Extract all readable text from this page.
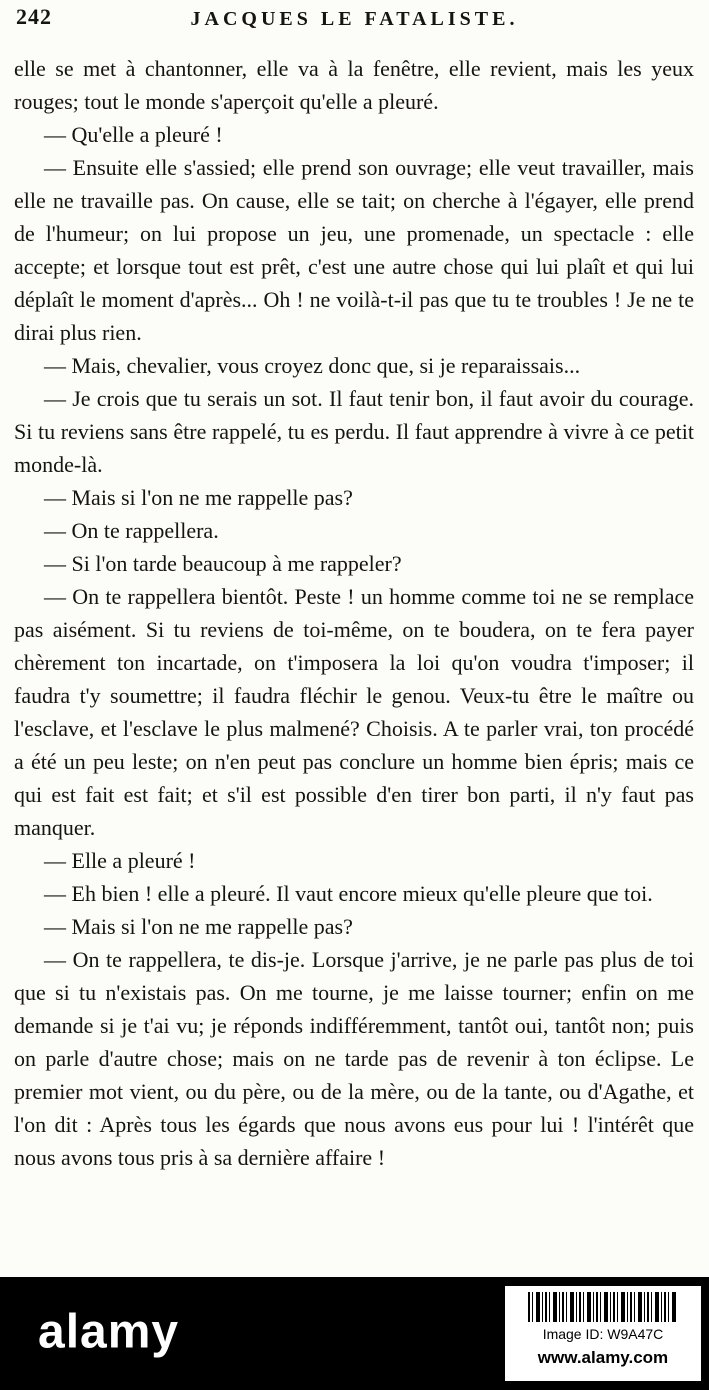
242	JACQUES LE FATALISTE.

elle se met à chantonner, elle va à la fenêtre, elle revient, mais les yeux rouges; tout le monde s'aperçoit qu'elle a pleuré.

— Qu'elle a pleuré !

— Ensuite elle s'assied; elle prend son ouvrage; elle veut travailler, mais elle ne travaille pas. On cause, elle se tait; on cherche à l'égayer, elle prend de l'humeur; on lui propose un jeu, une promenade, un spectacle : elle accepte; et lorsque tout est prêt, c'est une autre chose qui lui plaît et qui lui déplaît le moment d'après... Oh ! ne voilà-t-il pas que tu te troubles ! Je ne te dirai plus rien.

— Mais, chevalier, vous croyez donc que, si je reparaissais...

— Je crois que tu serais un sot. Il faut tenir bon, il faut avoir du courage. Si tu reviens sans être rappelé, tu es perdu. Il faut apprendre à vivre à ce petit monde-là.

— Mais si l'on ne me rappelle pas?

— On te rappellera.

— Si l'on tarde beaucoup à me rappeler?

— On te rappellera bientôt. Peste ! un homme comme toi ne se remplace pas aisément. Si tu reviens de toi-même, on te boudera, on te fera payer chèrement ton incartade, on t'imposera la loi qu'on voudra t'imposer; il faudra t'y soumettre; il faudra fléchir le genou. Veux-tu être le maître ou l'esclave, et l'esclave le plus malmené? Choisis. A te parler vrai, ton procédé a été un peu leste; on n'en peut pas conclure un homme bien épris; mais ce qui est fait est fait; et s'il est possible d'en tirer bon parti, il n'y faut pas manquer.

— Elle a pleuré !

— Eh bien ! elle a pleuré. Il vaut encore mieux qu'elle pleure que toi.

— Mais si l'on ne me rappelle pas?

— On te rappellera, te dis-je. Lorsque j'arrive, je ne parle pas plus de toi que si tu n'existais pas. On me tourne, je me laisse tourner; enfin on me demande si je t'ai vu; je réponds indifféremment, tantôt oui, tantôt non; puis on parle d'autre chose; mais on ne tarde pas de revenir à ton éclipse. Le premier mot vient, ou du père, ou de la mère, ou de la tante, ou d'Agathe, et l'on dit : Après tous les égards que nous avons eus pour lui ! l'intérêt que nous avons tous pris à sa dernière affaire !

alamy	Image ID: W9A47C
www.alamy.com
